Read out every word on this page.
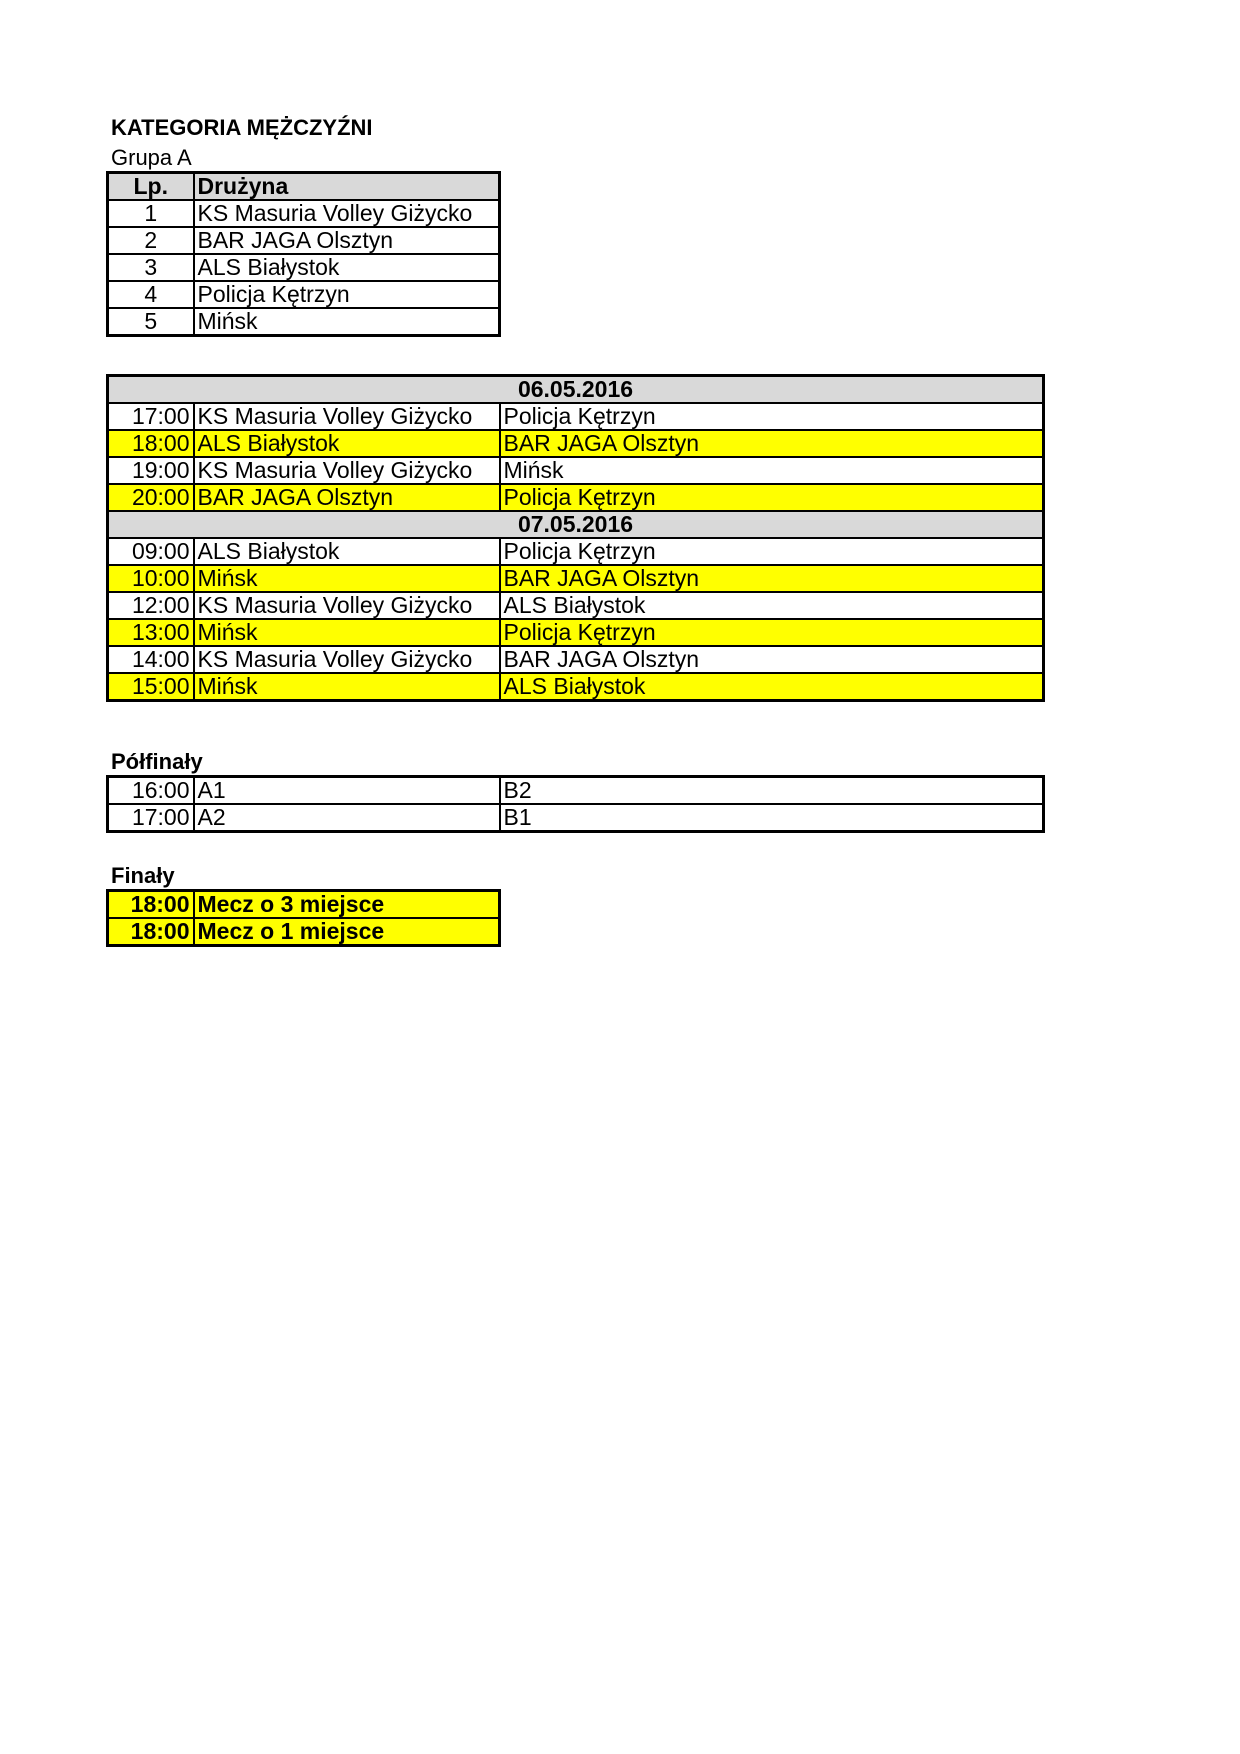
KATEGORIA MĘŻCZYŹNI
Grupa A
Lp.	Drużyna
1	KS Masuria Volley Giżycko
2	BAR JAGA Olsztyn
3	ALS Białystok
4	Policja Kętrzyn
5	Mińsk
06.05.2016		
17:00	KS Masuria Volley Giżycko	Policja Kętrzyn
18:00	ALS Białystok	BAR JAGA Olsztyn
19:00	KS Masuria Volley Giżycko	Mińsk
20:00	BAR JAGA Olsztyn	Policja Kętrzyn
07.05.2016		
09:00	ALS Białystok	Policja Kętrzyn
10:00	Mińsk	BAR JAGA Olsztyn
12:00	KS Masuria Volley Giżycko	ALS Białystok
13:00	Mińsk	Policja Kętrzyn
14:00	KS Masuria Volley Giżycko	BAR JAGA Olsztyn
15:00	Mińsk	ALS Białystok
Półfinały
16:00	A1	B2
17:00	A2	B1
Finały
18:00	Mecz o 3 miejsce
18:00	Mecz o 1 miejsce
